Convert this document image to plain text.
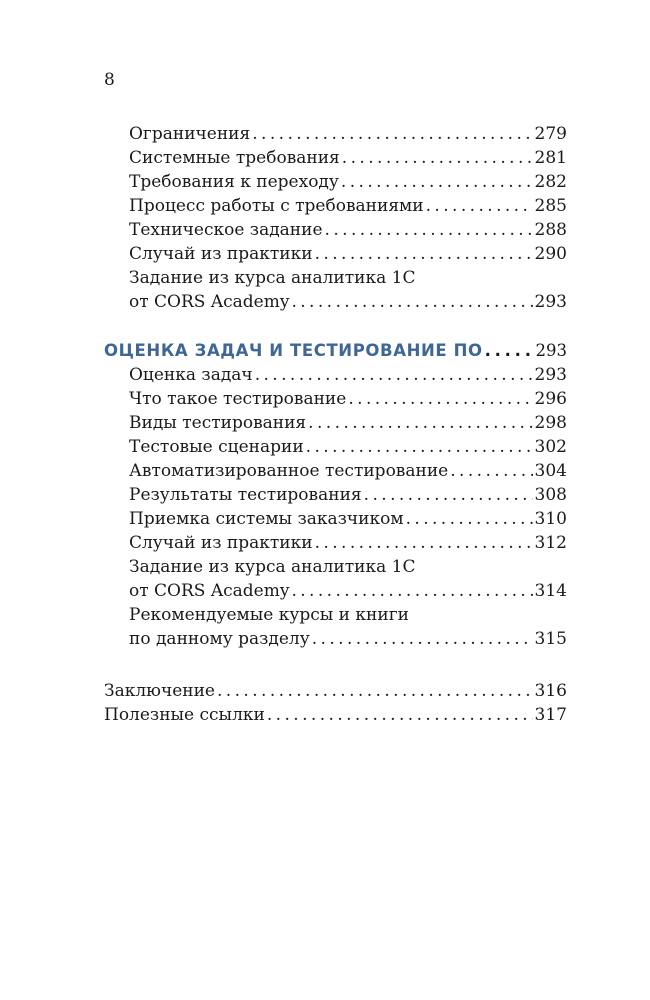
8
Ограничения . . .	279
Системные требования . . .	281
Требования к переходу . . .	282
Процесс работы с требованиями . . .	285
Техническое задание . . .	288
Случай из практики . . .	290
Задание из курса аналитика 1С
от CORS Academy . . .	293
ОЦЕНКА ЗАДАЧ И ТЕСТИРОВАНИЕ ПО . . .	293
Оценка задач . . .	293
Что такое тестирование . . .	296
Виды тестирования . . .	298
Тестовые сценарии . . .	302
Автоматизированное тестирование . . .	304
Результаты тестирования . . .	308
Приемка системы заказчиком . . .	310
Случай из практики . . .	312
Задание из курса аналитика 1С
от CORS Academy . . .	314
Рекомендуемые курсы и книги
по данному разделу . . .	315
Заключение . . .	316
Полезные ссылки . . .	317
